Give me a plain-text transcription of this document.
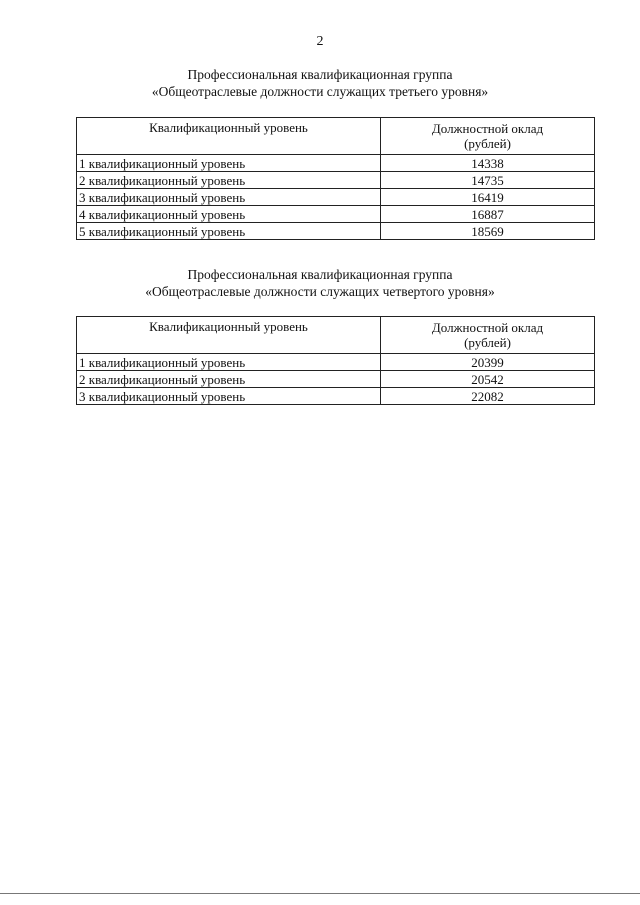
2
Профессиональная квалификационная группа
«Общеотраслевые должности служащих третьего уровня»
Квалификационный уровень	Должностной оклад
(рублей)

1 квалификационный уровень	14338
2 квалификационный уровень	14735
3 квалификационный уровень	16419
4 квалификационный уровень	16887
5 квалификационный уровень	18569
Профессиональная квалификационная группа
«Общеотраслевые должности служащих четвертого уровня»
Квалификационный уровень	Должностной оклад
(рублей)

1 квалификационный уровень	20399
2 квалификационный уровень	20542
3 квалификационный уровень	22082
